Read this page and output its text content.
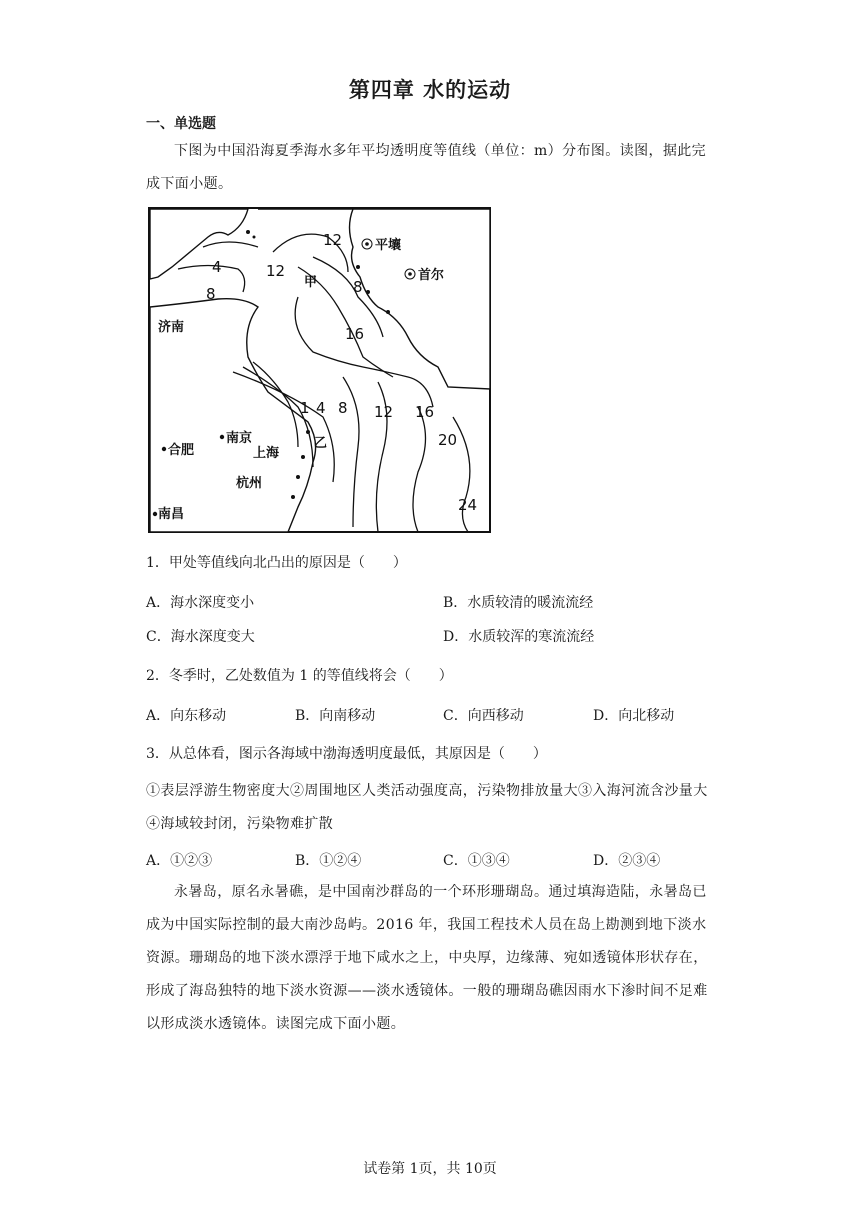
第四章 水的运动
一、单选题
下图为中国沿海夏季海水多年平均透明度等值线（单位：m）分布图。读图，据此完成下面小题。
4
8
12
12
8
16
1 4 8 12 16
20
24
平壤
首尔
济南
南京
上海
合肥
杭州
南昌
甲
乙
1．甲处等值线向北凸出的原因是（　　）
A．海水深度变小	B．水质较清的暖流流经
C．海水深度变大	D．水质较浑的寒流流经
2．冬季时，乙处数值为 1 的等值线将会（　　）
A．向东移动	B．向南移动	C．向西移动	D．向北移动
3．从总体看，图示各海域中渤海透明度最低，其原因是（　　）
①表层浮游生物密度大②周围地区人类活动强度高，污染物排放量大③入海河流含沙量大④海域较封闭，污染物难扩散
A．①②③	B．①②④	C．①③④	D．②③④
永暑岛，原名永暑礁，是中国南沙群岛的一个环形珊瑚岛。通过填海造陆，永暑岛已成为中国实际控制的最大南沙岛屿。2016 年，我国工程技术人员在岛上勘测到地下淡水资源。珊瑚岛的地下淡水漂浮于地下咸水之上，中央厚，边缘薄、宛如透镜体形状存在，形成了海岛独特的地下淡水资源——淡水透镜体。一般的珊瑚岛礁因雨水下渗时间不足难以形成淡水透镜体。读图完成下面小题。
试卷第 1页，共 10页
